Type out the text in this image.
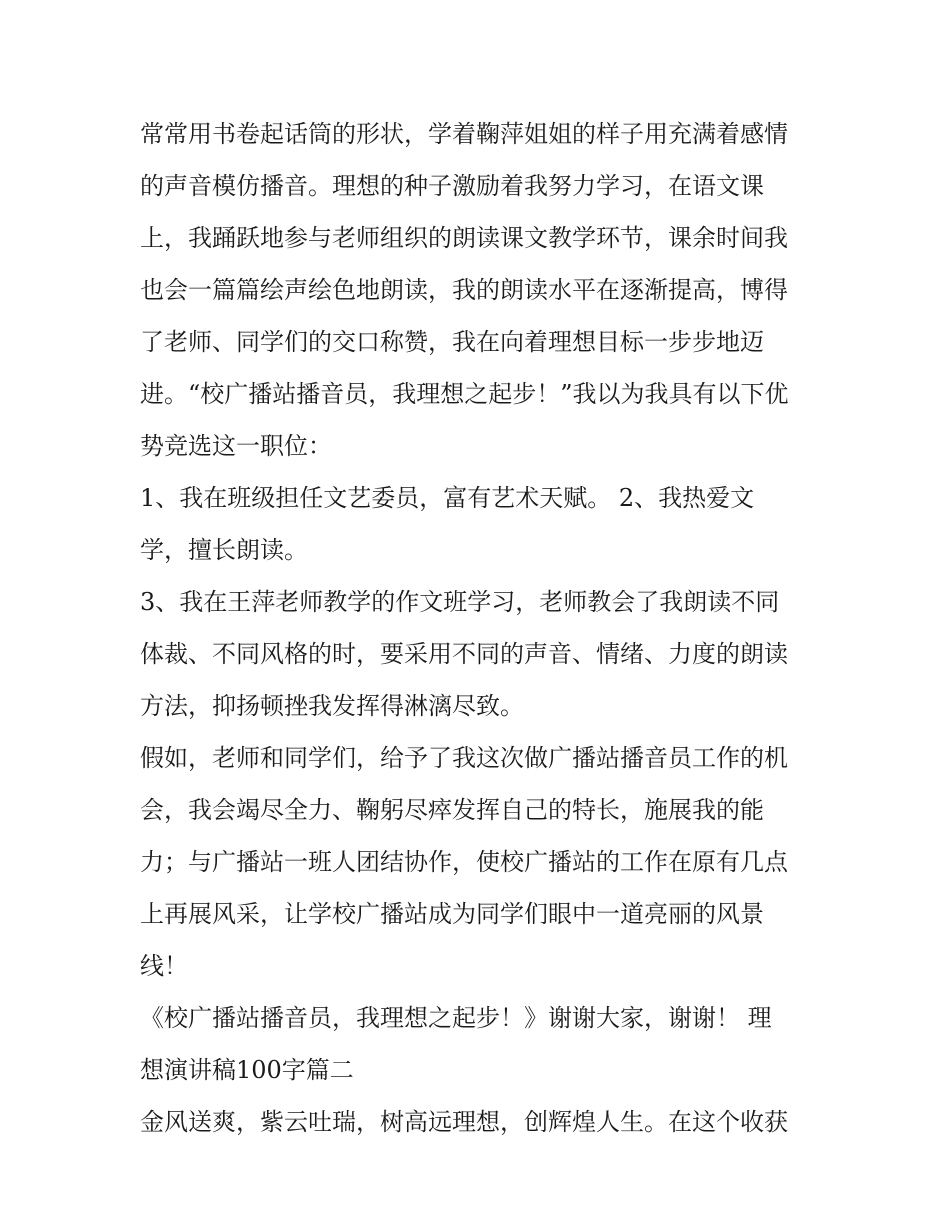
常常用书卷起话筒的形状，学着鞠萍姐姐的样子用充满着感情
的声音模仿播音。理想的种子激励着我努力学习，在语文课
上，我踊跃地参与老师组织的朗读课文教学环节，课余时间我
也会一篇篇绘声绘色地朗读，我的朗读水平在逐渐提高，博得
了老师、同学们的交口称赞，我在向着理想目标一步步地迈
进。“校广播站播音员，我理想之起步！”我以为我具有以下优
势竞选这一职位：
1、我在班级担任文艺委员，富有艺术天赋。 2、我热爱文
学，擅长朗读。
3、我在王萍老师教学的作文班学习，老师教会了我朗读不同
体裁、不同风格的时，要采用不同的声音、情绪、力度的朗读
方法，抑扬顿挫我发挥得淋漓尽致。
假如，老师和同学们，给予了我这次做广播站播音员工作的机
会，我会竭尽全力、鞠躬尽瘁发挥自己的特长，施展我的能
力；与广播站一班人团结协作，使校广播站的工作在原有几点
上再展风采，让学校广播站成为同学们眼中一道亮丽的风景
线！
《校广播站播音员，我理想之起步！》谢谢大家，谢谢！ 理
想演讲稿100字篇二
金风送爽，紫云吐瑞，树高远理想，创辉煌人生。在这个收获
